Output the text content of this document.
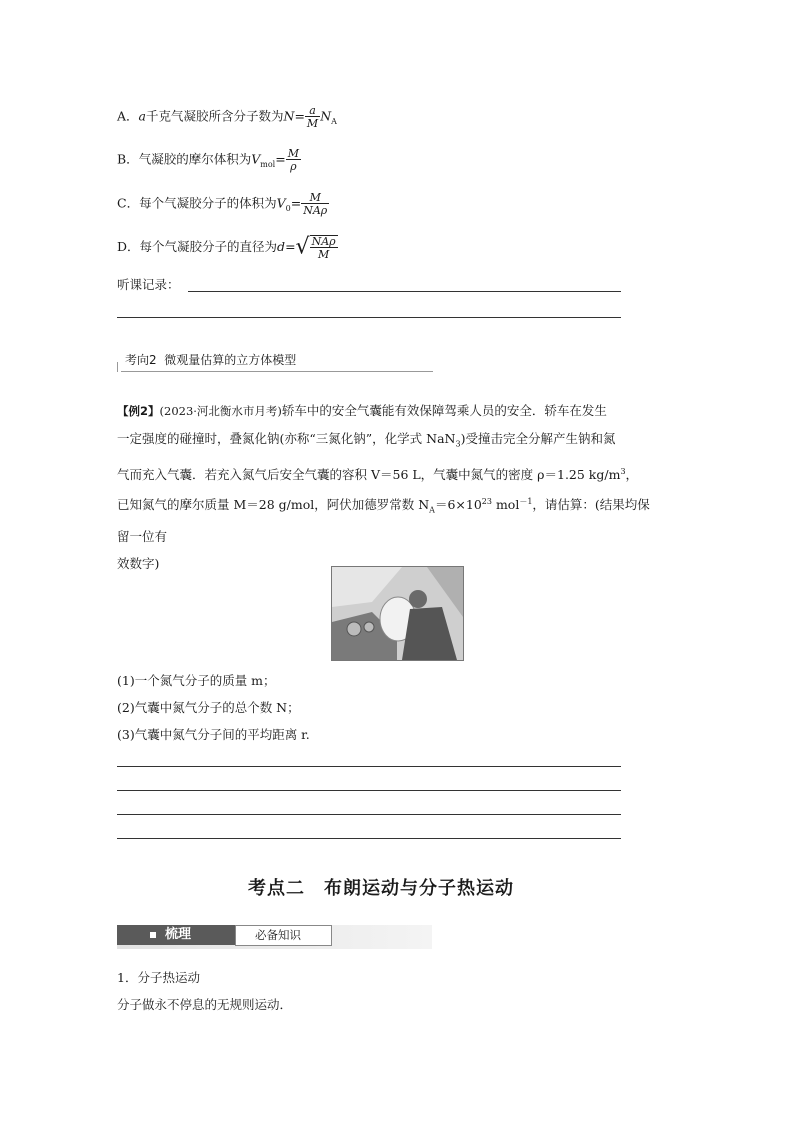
A．a千克气凝胶所含分子数为$N= \frac{a}{M} N_A$
B．气凝胶的摩尔体积为$V_{mol}= \frac{M}{\rho}$
C．每个气凝胶分子的体积为$V_0= \frac{M}{\text{NAρ}}$
D．每个气凝胶分子的直径为$d=√ \frac{\text{NAρ}}{M}$
听课记录：
考向2 微观量估算的立方体模型
【例2】(2023·河北衡水市月考)轿车中的安全气囊能有效保障驾乘人员的安全．轿车在发生
一定强度的碰撞时，叠氮化钠(亦称“三氮化钠”，化学式 NaN$_3$)受撞击完全分解产生钠和氮
气而充入气囊．若充入氮气后安全气囊的容积 V＝56 L，气囊中氮气的密度 ρ＝1.25 $kg/m^3$，
已知氮气的摩尔质量 M＝28 g/mol，阿伏加德罗常数 $N_A=6\times 10^{23}$ mol$^{-1}$，请估算：(结果均保
留一位有
效数字)
(1)一个氮气分子的质量 m；
(2)气囊中氮气分子的总个数 N；
(3)气囊中氮气分子间的平均距离 r.
考点二　布朗运动与分子热运动
梳理	必备知识
1．分子热运动
分子做永不停息的无规则运动．
